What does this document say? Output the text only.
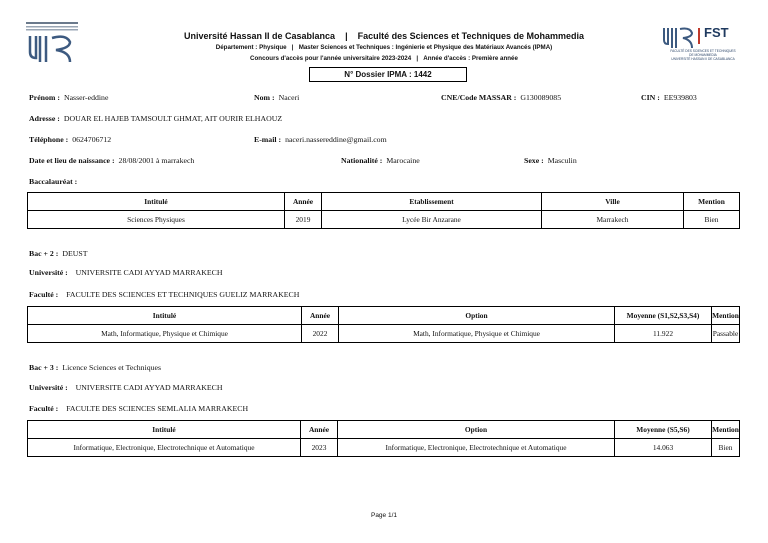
Université Hassan II de Casablanca | Faculté des Sciences et Techniques de Mohammedia
Département : Physique | Master Sciences et Techniques : Ingénierie et Physique des Matériaux Avancés (IPMA)
Concours d'accès pour l'année universitaire 2023-2024 | Année d'accès : Première année
N° Dossier IPMA : 1442
FST
FACULTÉ DES SCIENCES ET TECHNIQUES
DE MOHAMMEDIA
UNIVERSITÉ HASSAN II DE CASABLANCA
Prénom : Nasser-eddine	Nom : Naceri	CNE/Code MASSAR : G130089085	CIN : EE939803
Adresse : DOUAR EL HAJEB TAMSOULT GHMAT, AIT OURIR ELHAOUZ
Téléphone : 0624706712	E-mail : naceri.nassereddine@gmail.com
Date et lieu de naissance : 28/08/2001 à marrakech	Nationalité : Marocaine	Sexe : Masculin
Baccalauréat :
Intitulé	Année	Etablissement	Ville	Mention
Sciences Physiques	2019	Lycée Bir Anzarane	Marrakech	Bien
Bac + 2 : DEUST
Université : UNIVERSITE CADI AYYAD MARRAKECH
Faculté : FACULTE DES SCIENCES ET TECHNIQUES GUELIZ MARRAKECH
Intitulé	Année	Option	Moyenne (S1,S2,S3,S4)	Mention
Math, Informatique, Physique et Chimique	2022	Math, Informatique, Physique et Chimique	11.922	Passable
Bac + 3 : Licence Sciences et Techniques
Université : UNIVERSITE CADI AYYAD MARRAKECH
Faculté : FACULTE DES SCIENCES SEMLALIA MARRAKECH
Intitulé	Année	Option	Moyenne (S5,S6)	Mention
Informatique, Electronique, Electrotechnique et Automatique	2023	Informatique, Electronique, Electrotechnique et Automatique	14.063	Bien
Page 1/1
